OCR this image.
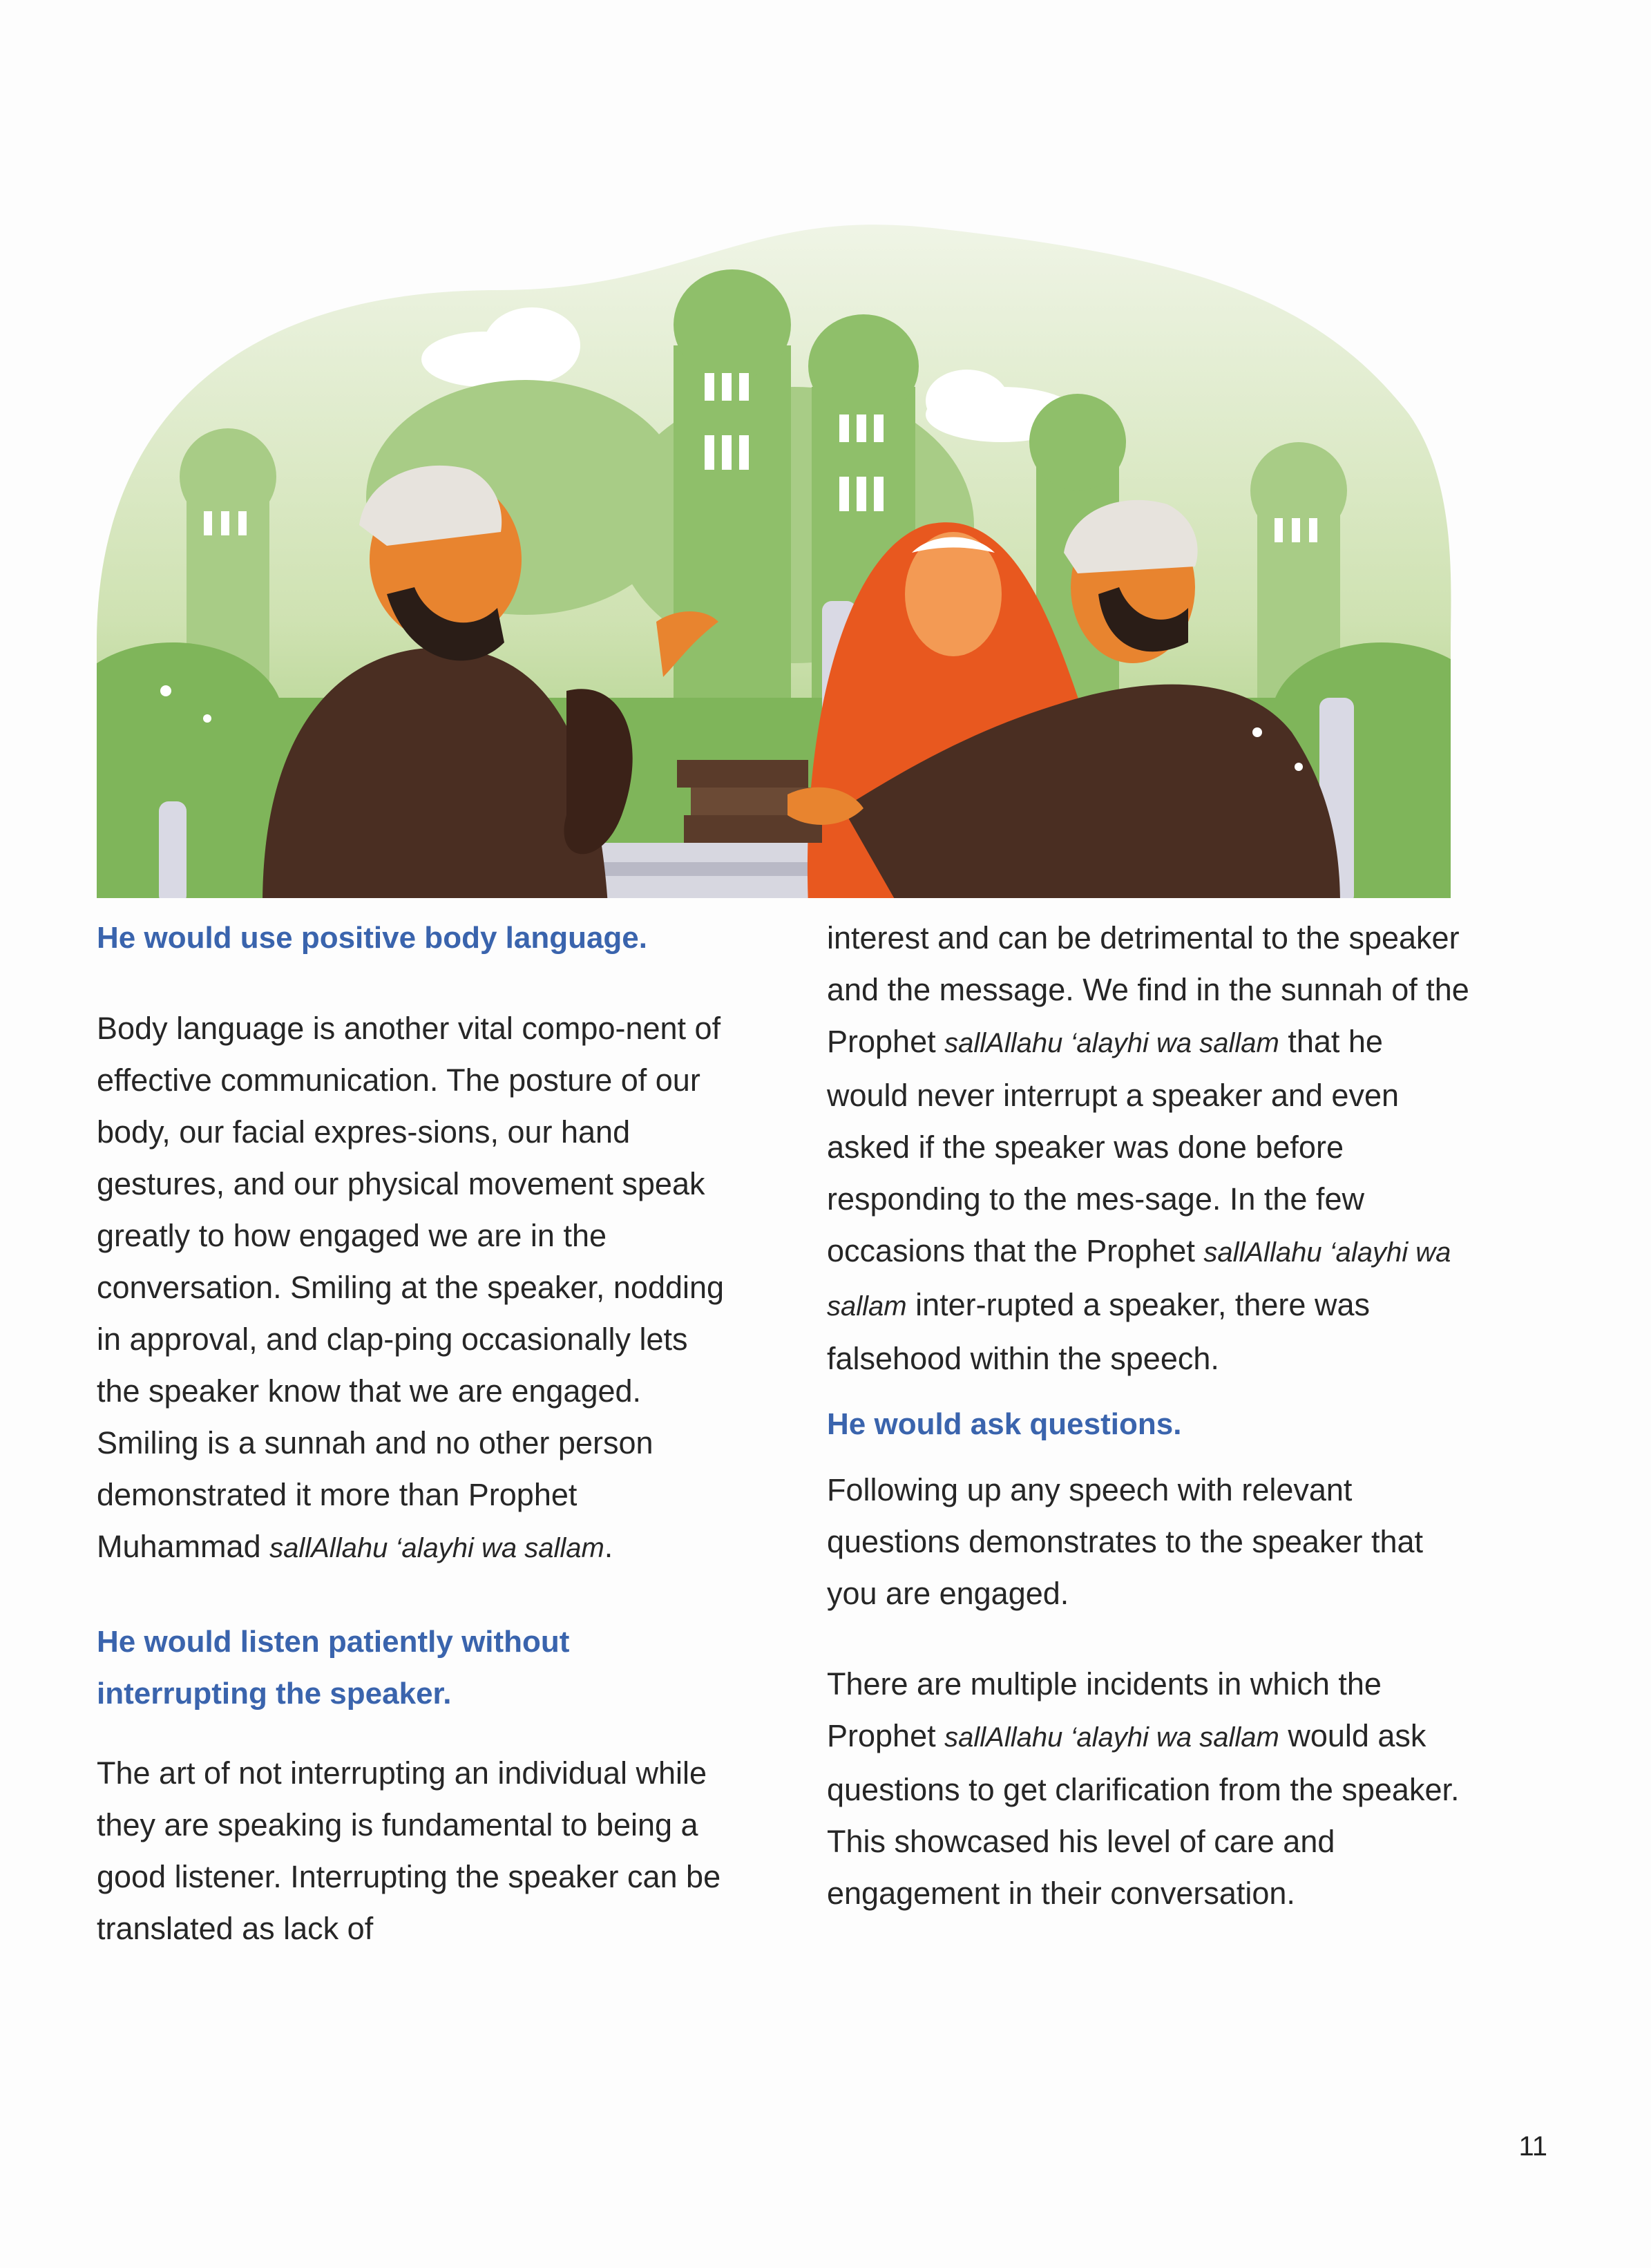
He would use positive body language.

Body language is another vital compo-nent of effective communication. The posture of our body, our facial expres-sions, our hand gestures, and our physical movement speak greatly to how engaged we are in the conversation. Smiling at the speaker, nodding in approval, and clap-ping occasionally lets the speaker know that we are engaged. Smiling is a sunnah and no other person demonstrated it more than Prophet Muhammad sallAllahu ‘alayhi wa sallam.

He would listen patiently without interrupting the speaker.

The art of not interrupting an individual while they are speaking is fundamental to being a good listener. Interrupting the speaker can be translated as lack of

interest and can be detrimental to the speaker and the message. We find in the sunnah of the Prophet sallAllahu ‘alayhi wa sallam that he would never interrupt a speaker and even asked if the speaker was done before responding to the mes-sage. In the few occasions that the Prophet sallAllahu ‘alayhi wa sallam inter-rupted a speaker, there was falsehood within the speech.

He would ask questions.

Following up any speech with relevant questions demonstrates to the speaker that you are engaged.

There are multiple incidents in which the Prophet sallAllahu ‘alayhi wa sallam would ask questions to get clarification from the speaker. This showcased his level of care and engagement in their conversation.

11
